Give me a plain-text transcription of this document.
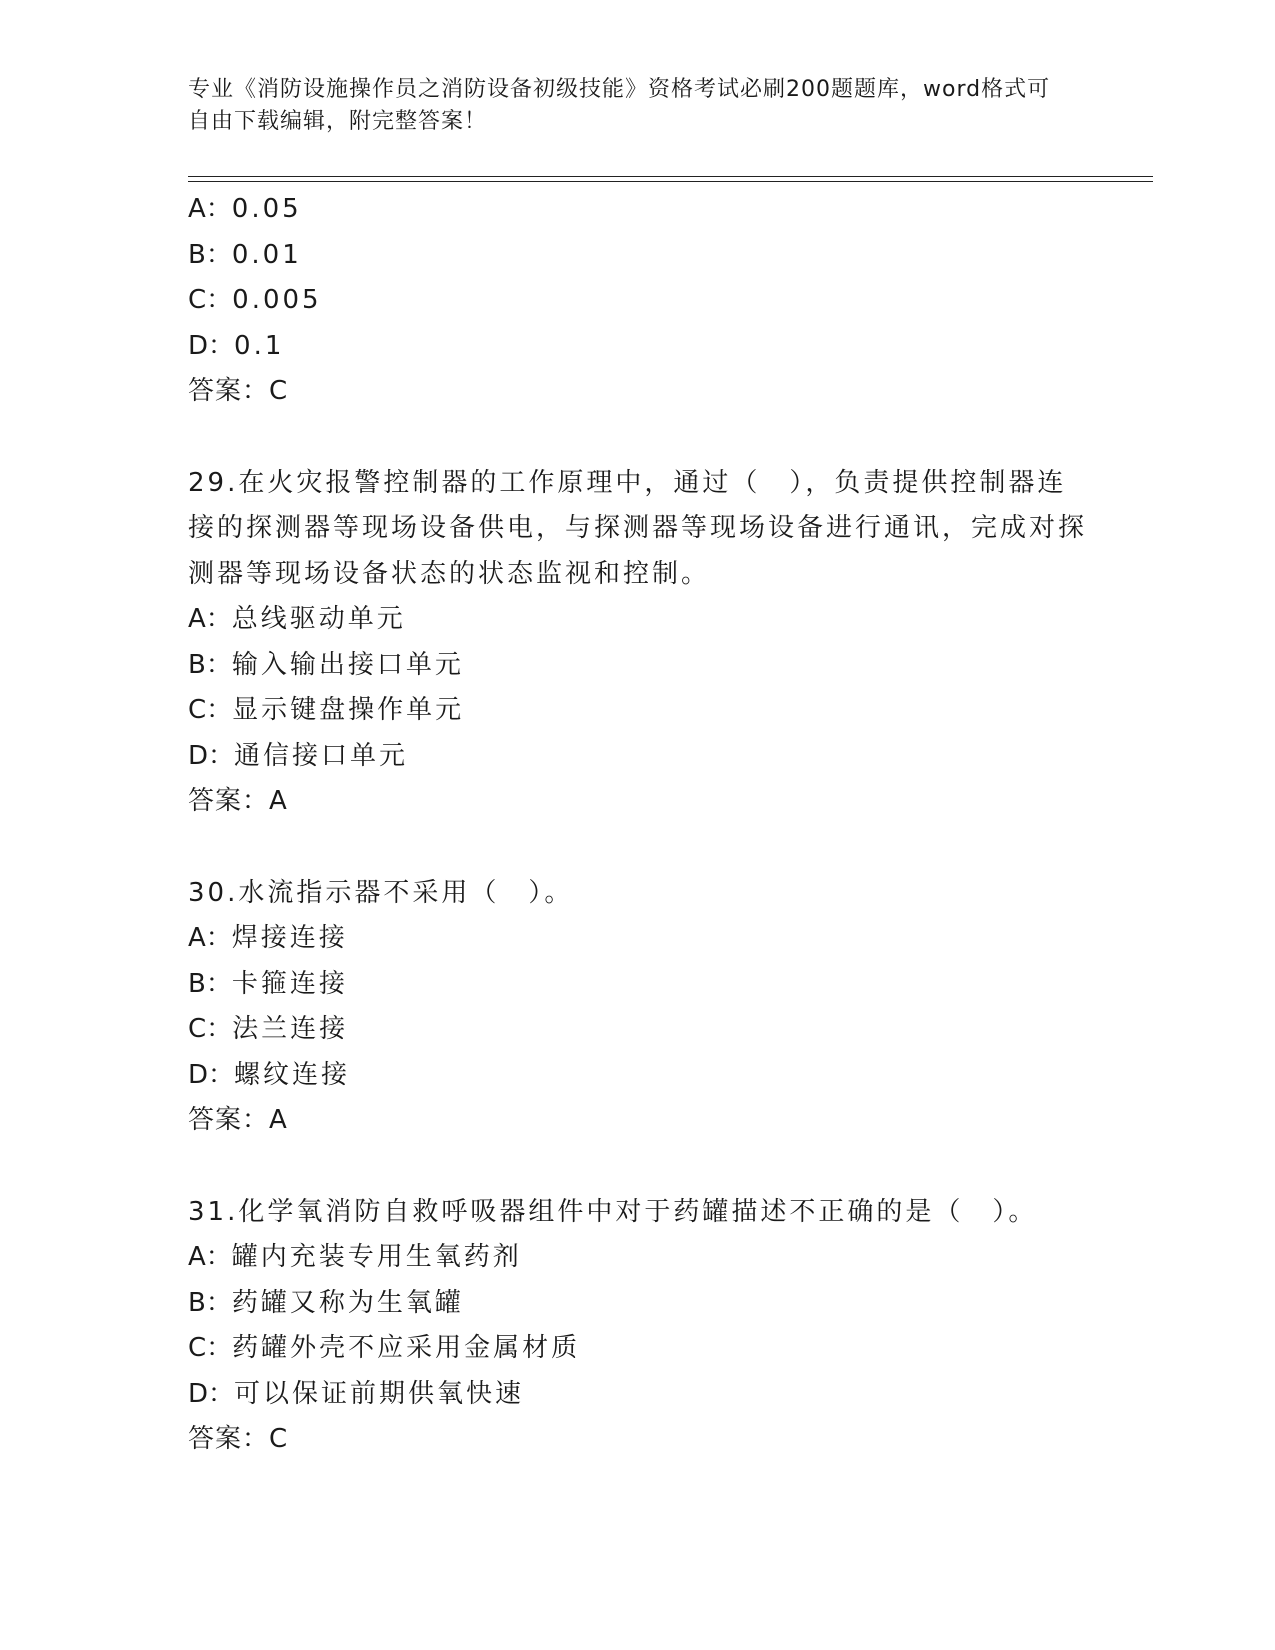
专业《消防设施操作员之消防设备初级技能》资格考试必刷200题题库，word格式可自由下载编辑，附完整答案！
A：0.05
B：0.01
C：0.005
D：0.1
答案：C
29.在火灾报警控制器的工作原理中，通过（　），负责提供控制器连接的探测器等现场设备供电，与探测器等现场设备进行通讯，完成对探测器等现场设备状态的状态监视和控制。
A：总线驱动单元
B：输入输出接口单元
C：显示键盘操作单元
D：通信接口单元
答案：A
30.水流指示器不采用（　）。
A：焊接连接
B：卡箍连接
C：法兰连接
D：螺纹连接
答案：A
31.化学氧消防自救呼吸器组件中对于药罐描述不正确的是（　）。
A：罐内充装专用生氧药剂
B：药罐又称为生氧罐
C：药罐外壳不应采用金属材质
D：可以保证前期供氧快速
答案：C
